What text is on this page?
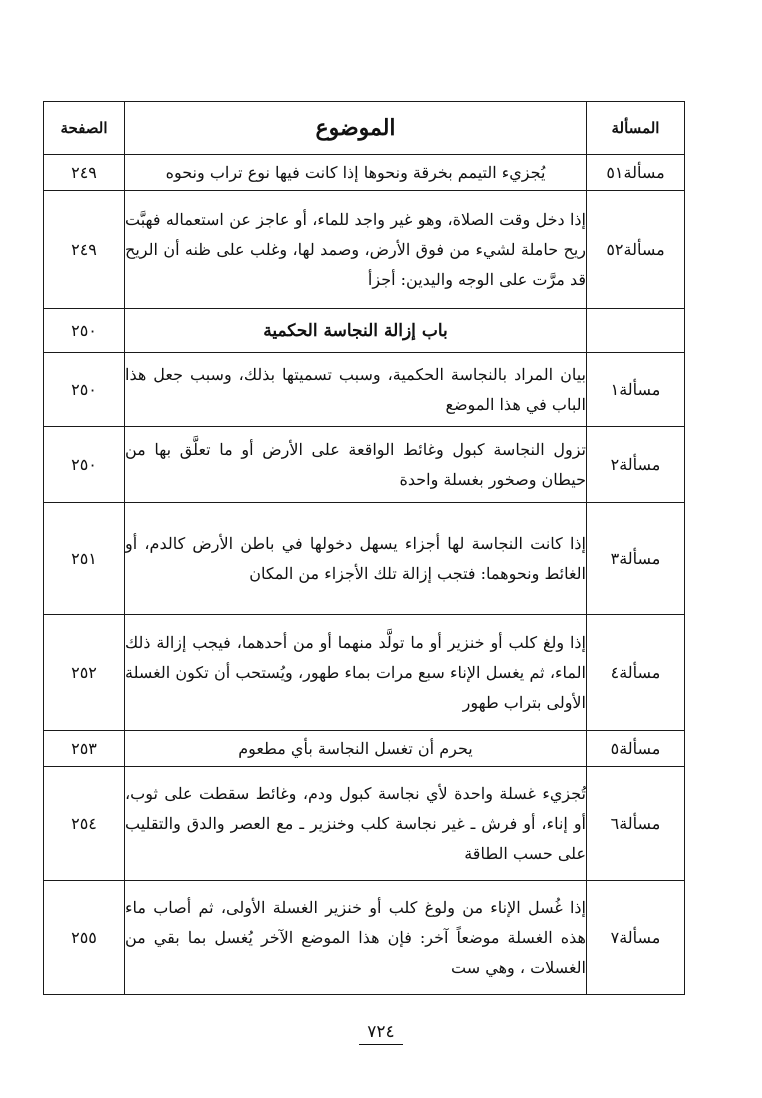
المسألة	الموضوع	الصفحة
مسألة٥١	يُجزيء التيمم بخرقة ونحوها إذا كانت فيها نوع تراب ونحوه	٢٤٩
مسألة٥٢	إذا دخل وقت الصلاة، وهو غير واجد للماء، أو عاجز عن استعماله فهبَّت ريح حاملة لشيء من فوق الأرض، وصمد لها، وغلب على ظنه أن الريح قد مرَّت على الوجه واليدين: أجزأ	٢٤٩
	باب إزالة النجاسة الحكمية	٢٥٠
مسألة١	بيان المراد بالنجاسة الحكمية، وسبب تسميتها بذلك، وسبب جعل هذا الباب في هذا الموضع	٢٥٠
مسألة٢	تزول النجاسة كبول وغائط الواقعة على الأرض أو ما تعلَّق بها من حيطان وصخور بغسلة واحدة	٢٥٠
مسألة٣	إذا كانت النجاسة لها أجزاء يسهل دخولها في باطن الأرض كالدم، أو الغائط ونحوهما: فتجب إزالة تلك الأجزاء من المكان	٢٥١
مسألة٤	إذا ولغ كلب أو خنزير أو ما تولَّد منهما أو من أحدهما، فيجب إزالة ذلك الماء، ثم يغسل الإناء سبع مرات بماء طهور، ويُستحب أن تكون الغسلة الأولى بتراب طهور	٢٥٢
مسألة٥	يحرم أن تغسل النجاسة بأي مطعوم	٢٥٣
مسألة٦	تُجزيء غسلة واحدة لأي نجاسة كبول ودم، وغائط سقطت على ثوب، أو إناء، أو فرش ـ غير نجاسة كلب وخنزير ـ مع العصر والدق والتقليب على حسب الطاقة	٢٥٤
مسألة٧	إذا غُسل الإناء من ولوغ كلب أو خنزير الغسلة الأولى، ثم أصاب ماء هذه الغسلة موضعاً آخر: فإن هذا الموضع الآخر يُغسل بما بقي من الغسلات ، وهي ست	٢٥٥
٧٢٤
